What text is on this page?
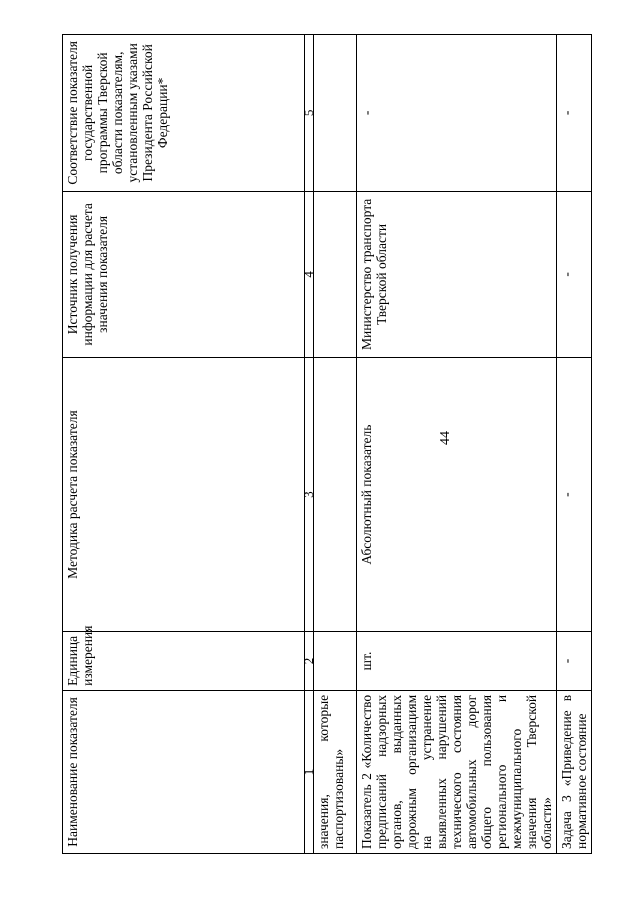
44
Наименование показателя	Единица измерения	Методика расчета показателя	Источник получения информации для расчета значения показателя	Соответствие показателя государственной программы Тверской области показателям, установленным указами Президента Российской Федерации*
1	2	3	4	5
значения, которые паспортизованы»				
Показатель 2 «Количество предписаний надзорных органов, выданных дорожным организациям на устранение выявленных нарушений технического состояния автомобильных дорог общего пользования регионального и межмуниципального значения Тверской области»	шт.	Абсолютный показатель	Министерство транспорта Тверской области	-
Задача 3 «Приведение в нормативное состояние	-	-	-	-
